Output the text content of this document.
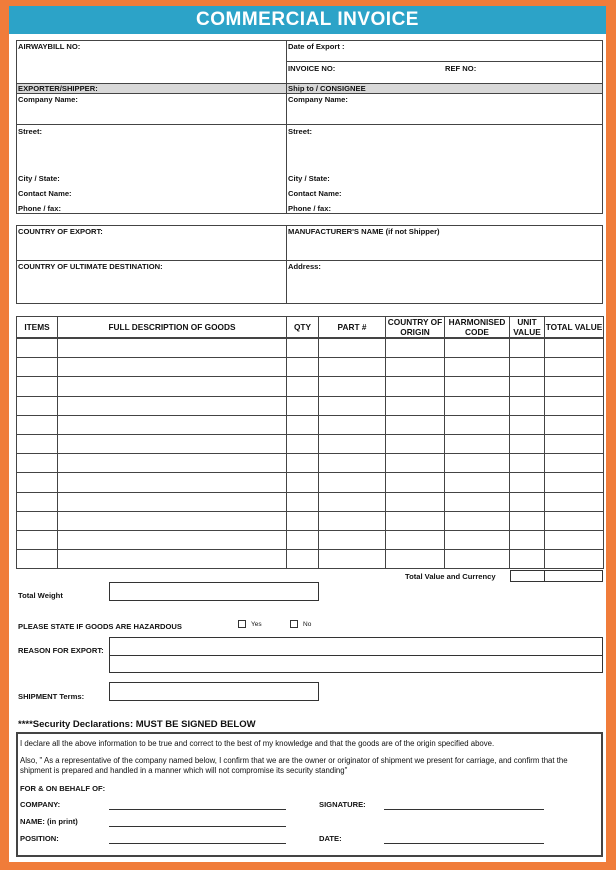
COMMERCIAL INVOICE
AIRWAYBILL NO:	Date of Export :
INVOICE NO:	REF NO:
EXPORTER/SHIPPER:
Company Name:
Street:
City / State:
Contact Name:
Phone / fax:
Ship to / CONSIGNEE
Company Name:
Street:
City / State:
Contact Name:
Phone / fax:
COUNTRY OF EXPORT:	MANUFACTURER'S NAME (if not Shipper)
COUNTRY OF ULTIMATE DESTINATION:	Address:
ITEMS	FULL DESCRIPTION OF GOODS	QTY	PART #	COUNTRY OF ORIGIN	HARMONISED CODE	UNIT VALUE	TOTAL VALUE

Total Value and Currency
Total Weight
PLEASE STATE IF GOODS ARE HAZARDOUS	Yes	No
REASON FOR EXPORT:
SHIPMENT Terms:
****Security Declarations: MUST BE SIGNED BELOW
I declare all the above information to be true and correct to the best of my knowledge and that the goods are of the origin specified above.
Also, " As a representative of the company named below, I confirm that we are the owner or originator of shipment we present for carriage, and confirm that the shipment is prepared and handled in a manner which will not compromise its security standing"
FOR & ON BEHALF OF:
COMPANY:
NAME: (in print)
POSITION:
SIGNATURE:
DATE:
